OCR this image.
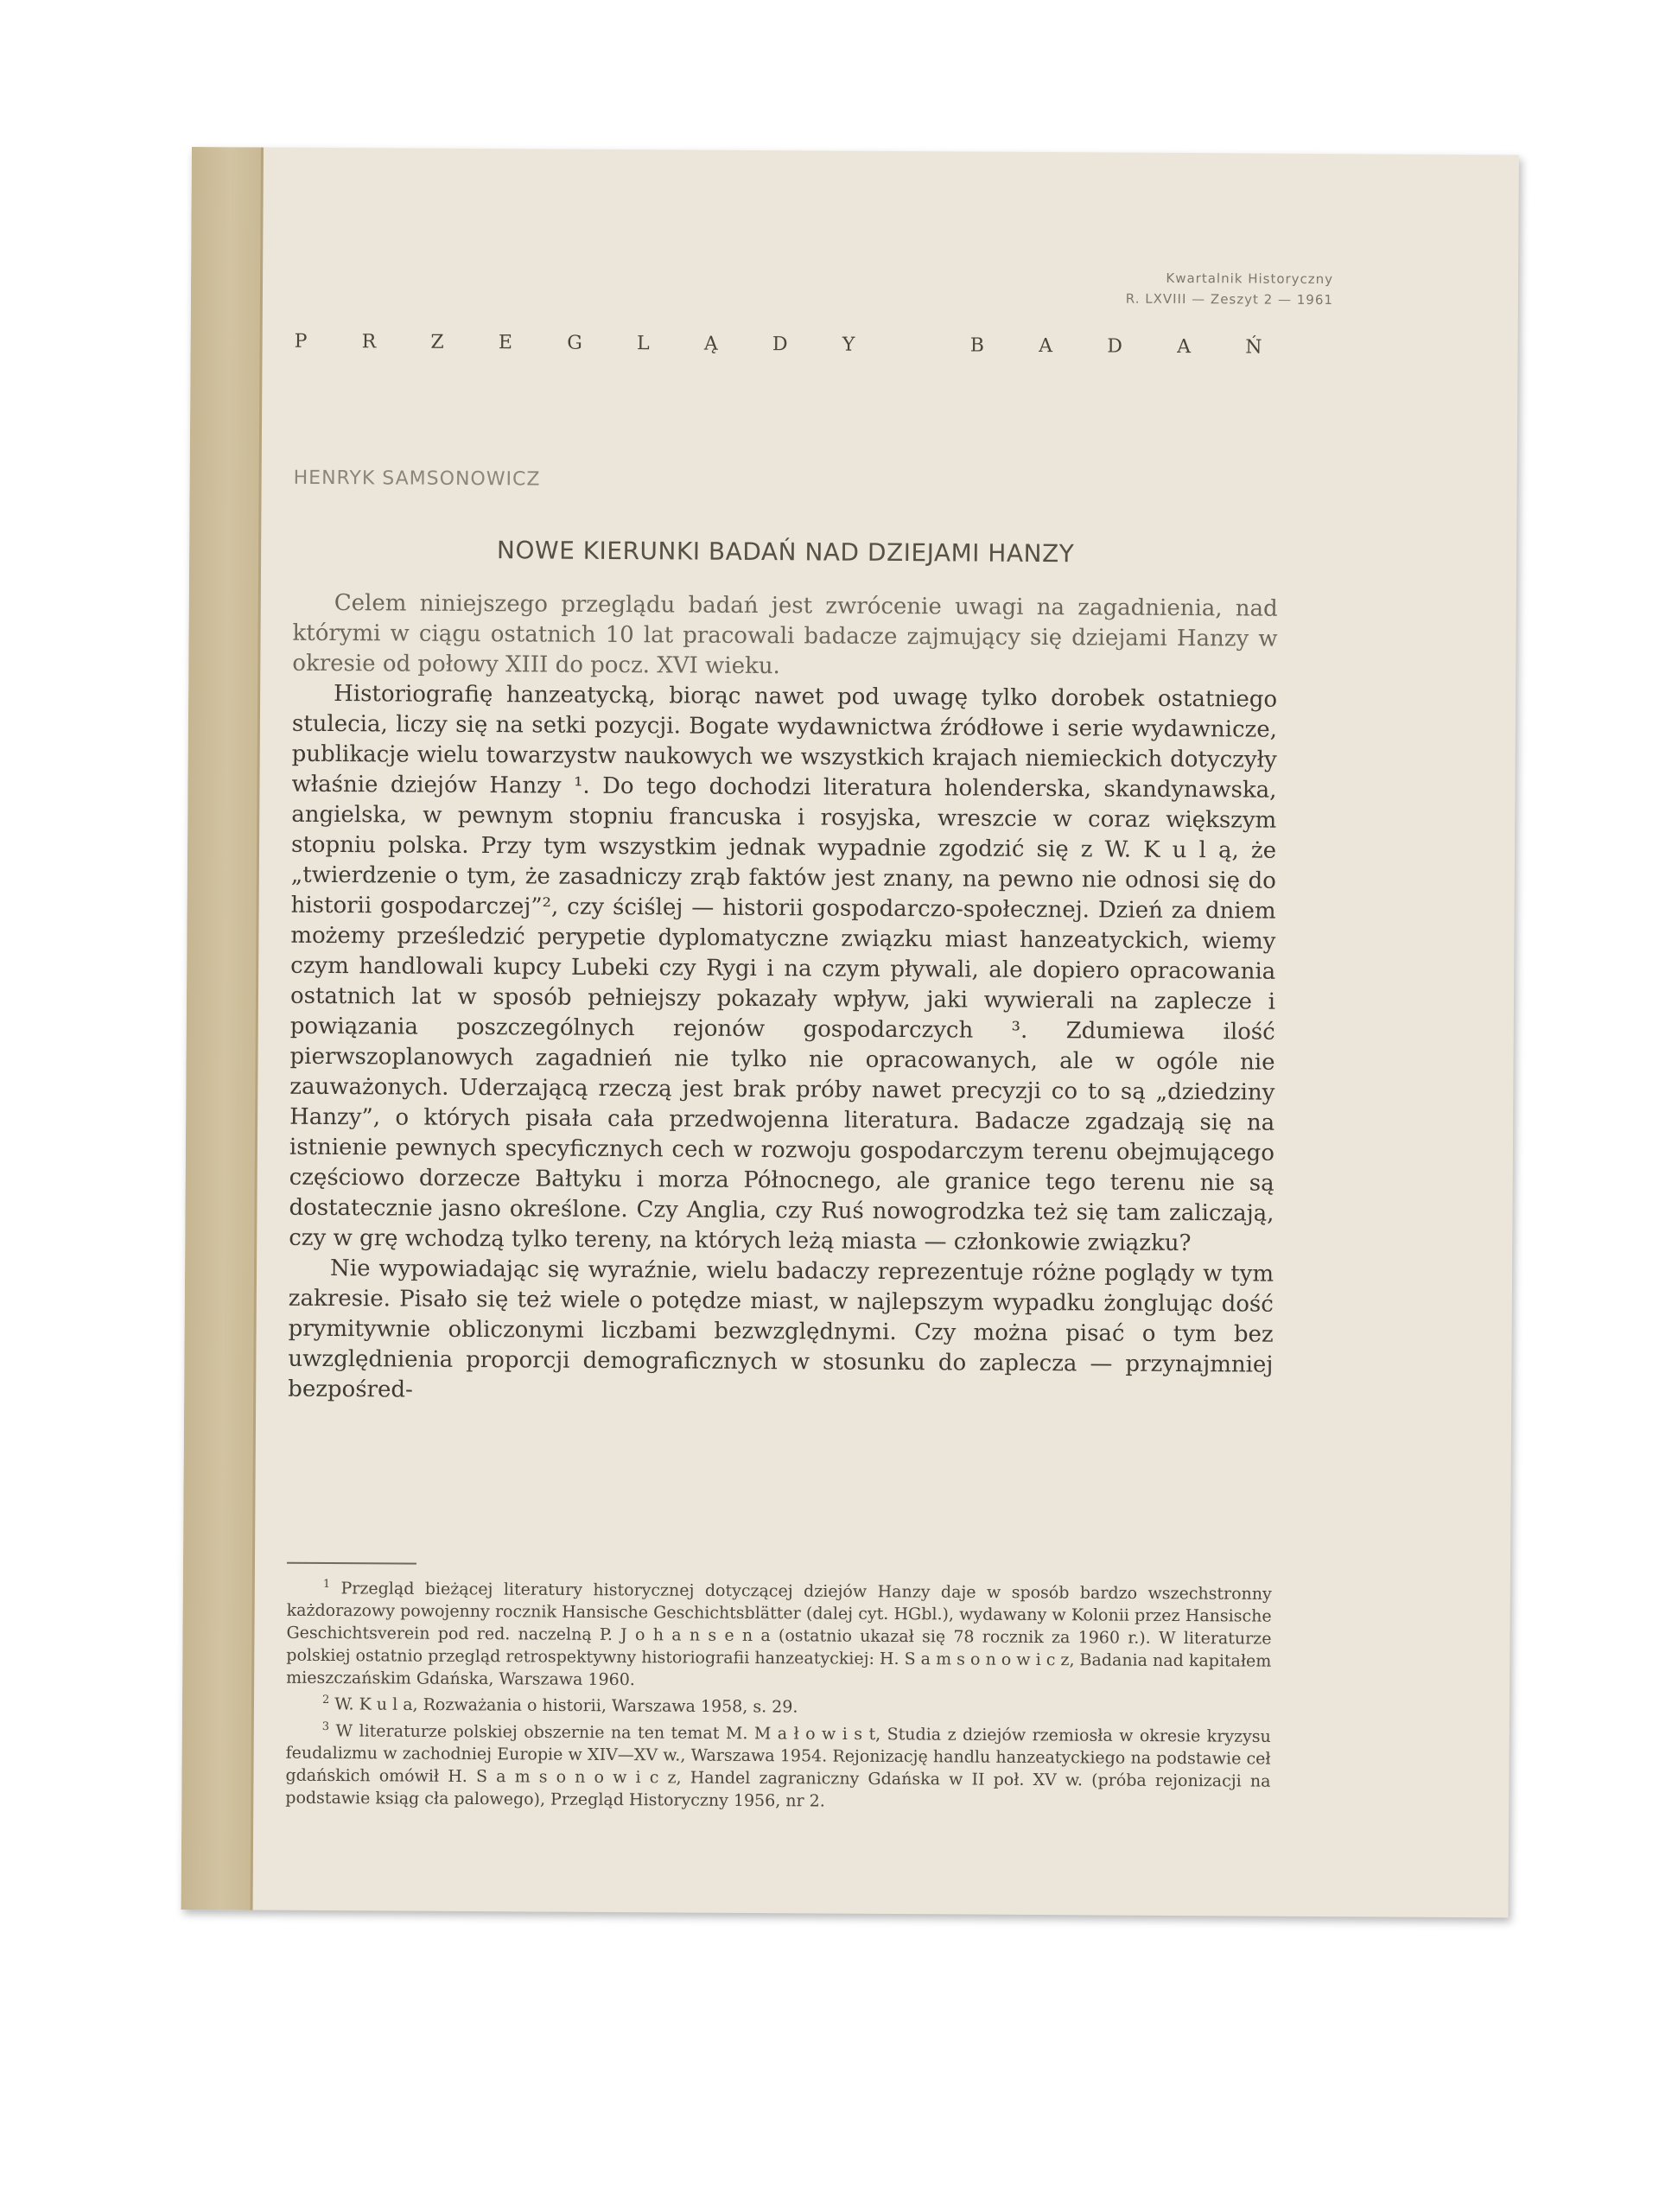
Kwartalnik Historyczny
R. LXVIII — Zeszyt 2 — 1961
P	R	Z	E	G	L	Ą	D	Y
	B	A	D	A	Ń
HENRYK SAMSONOWICZ
NOWE KIERUNKI BADAŃ NAD DZIEJAMI HANZY

Celem niniejszego przeglądu badań jest zwrócenie uwagi na zagadnienia, nad którymi w ciągu ostatnich 10 lat pracowali badacze zajmujący się dziejami Hanzy w okresie od połowy XIII do pocz. XVI wieku.

Historiografię hanzeatycką, biorąc nawet pod uwagę tylko dorobek ostatniego stulecia, liczy się na setki pozycji. Bogate wydawnictwa źródłowe i serie wydawnicze, publikacje wielu towarzystw naukowych we wszystkich krajach niemieckich dotyczyły właśnie dziejów Hanzy ¹. Do tego dochodzi literatura holenderska, skandynawska, angielska, w pewnym stopniu francuska i rosyjska, wreszcie w coraz większym stopniu polska. Przy tym wszystkim jednak wypadnie zgodzić się z W. K u l ą, że „twierdzenie o tym, że zasadniczy zrąb faktów jest znany, na pewno nie odnosi się do historii gospodarczej”², czy ściślej — historii gospodarczo-społecznej. Dzień za dniem możemy prześledzić perypetie dyplomatyczne związku miast hanzeatyckich, wiemy czym handlowali kupcy Lubeki czy Rygi i na czym pływali, ale dopiero opracowania ostatnich lat w sposób pełniejszy pokazały wpływ, jaki wywierali na zaplecze i powiązania poszczególnych rejonów gospodarczych ³. Zdumiewa ilość pierwszoplanowych zagadnień nie tylko nie opracowanych, ale w ogóle nie zauważonych. Uderzającą rzeczą jest brak próby nawet precyzji co to są „dziedziny Hanzy”, o których pisała cała przedwojenna literatura. Badacze zgadzają się na istnienie pewnych specyficznych cech w rozwoju gospodarczym terenu obejmującego częściowo dorzecze Bałtyku i morza Północnego, ale granice tego terenu nie są dostatecznie jasno określone. Czy Anglia, czy Ruś nowogrodzka też się tam zaliczają, czy w grę wchodzą tylko tereny, na których leżą miasta — członkowie związku?

Nie wypowiadając się wyraźnie, wielu badaczy reprezentuje różne poglądy w tym zakresie. Pisało się też wiele o potędze miast, w najlepszym wypadku żonglując dość prymitywnie obliczonymi liczbami bezwzględnymi. Czy można pisać o tym bez uwzględnienia proporcji demograficznych w stosunku do zaplecza — przynajmniej bezpośred-

$^1$ Przegląd bieżącej literatury historycznej dotyczącej dziejów Hanzy daje w sposób bardzo wszechstronny każdorazowy powojenny rocznik Hansische Geschichtsblätter (dalej cyt. HGbl.), wydawany w Kolonii przez Hansische Geschichtsverein pod red. naczelną P. J o h a n s e n a (ostatnio ukazał się 78 rocznik za 1960 r.). W literaturze polskiej ostatnio przegląd retrospektywny historiografii hanzeatyckiej: H. S a m s o n o w i c z, Badania nad kapitałem mieszczańskim Gdańska, Warszawa 1960.

$^2$ W. K u l a, Rozważania o historii, Warszawa 1958, s. 29.

$^3$ W literaturze polskiej obszernie na ten temat M. M a ł o w i s t, Studia z dziejów rzemiosła w okresie kryzysu feudalizmu w zachodniej Europie w XIV—XV w., Warszawa 1954. Rejonizację handlu hanzeatyckiego na podstawie ceł gdańskich omówił H. S a m s o n o w i c z, Handel zagraniczny Gdańska w II poł. XV w. (próba rejonizacji na podstawie ksiąg cła palowego), Przegląd Historyczny 1956, nr 2.
